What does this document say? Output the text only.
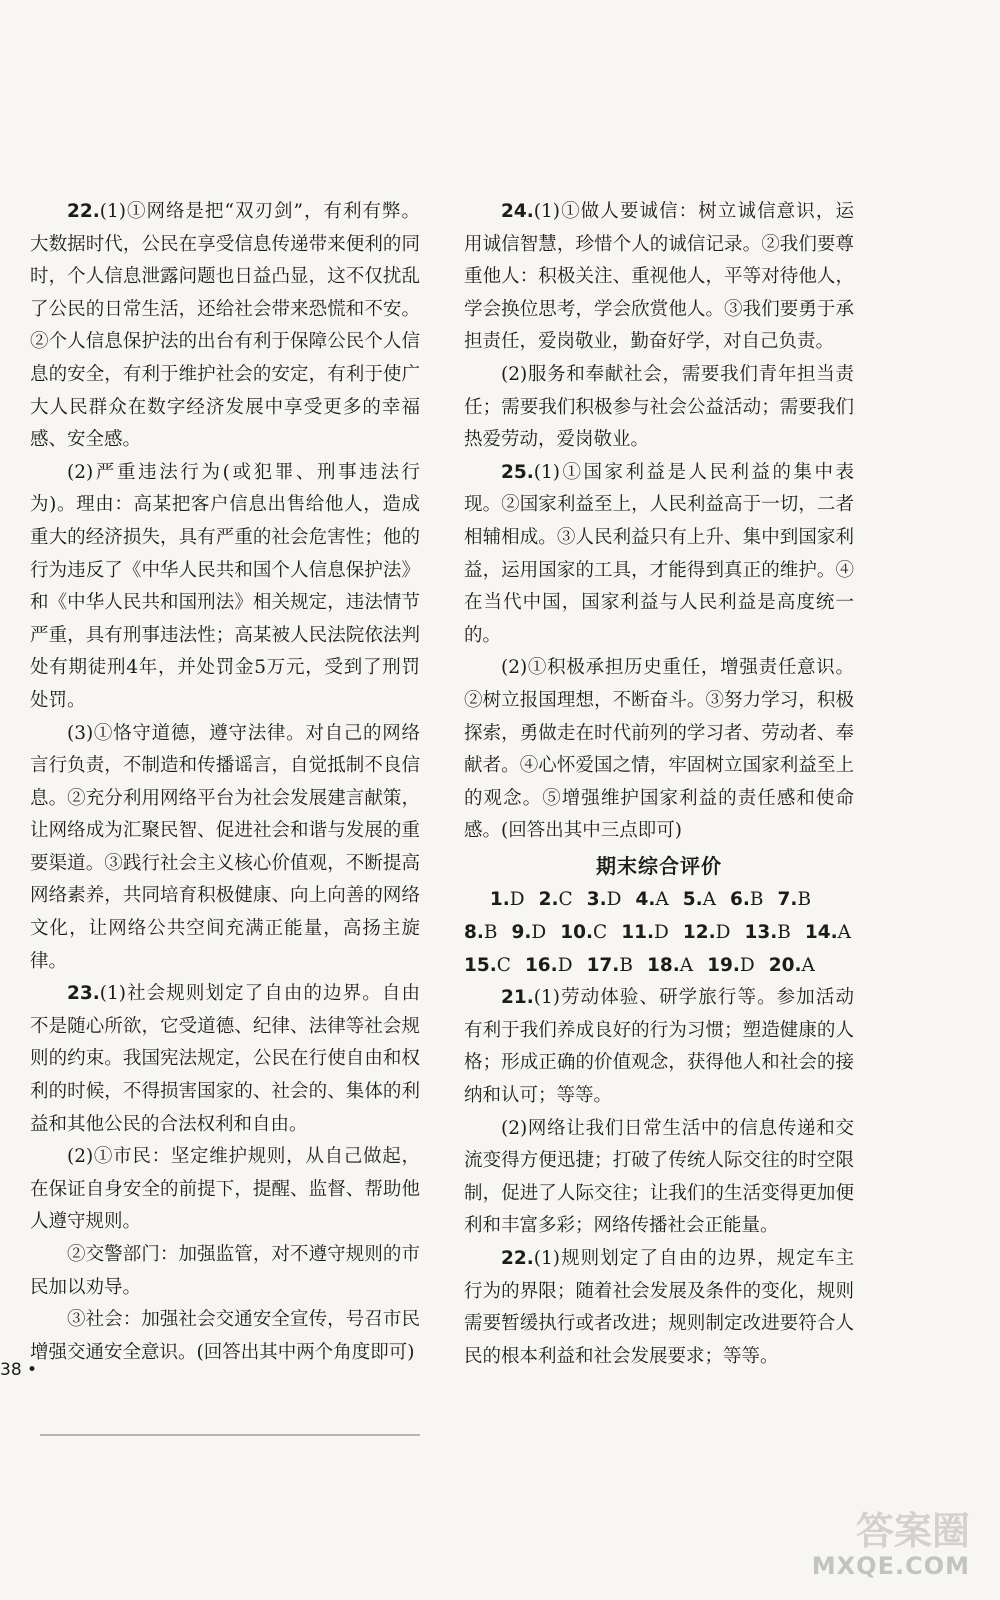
22.(1)①网络是把“双刃剑”，有利有弊。大数据时代，公民在享受信息传递带来便利的同时，个人信息泄露问题也日益凸显，这不仅扰乱了公民的日常生活，还给社会带来恐慌和不安。②个人信息保护法的出台有利于保障公民个人信息的安全，有利于维护社会的安定，有利于使广大人民群众在数字经济发展中享受更多的幸福感、安全感。

(2)严重违法行为(或犯罪、刑事违法行为)。理由：高某把客户信息出售给他人，造成重大的经济损失，具有严重的社会危害性；他的行为违反了《中华人民共和国个人信息保护法》和《中华人民共和国刑法》相关规定，违法情节严重，具有刑事违法性；高某被人民法院依法判处有期徒刑4年，并处罚金5万元，受到了刑罚处罚。

(3)①恪守道德，遵守法律。对自己的网络言行负责，不制造和传播谣言，自觉抵制不良信息。②充分利用网络平台为社会发展建言献策，让网络成为汇聚民智、促进社会和谐与发展的重要渠道。③践行社会主义核心价值观，不断提高网络素养，共同培育积极健康、向上向善的网络文化，让网络公共空间充满正能量，高扬主旋律。

23.(1)社会规则划定了自由的边界。自由不是随心所欲，它受道德、纪律、法律等社会规则的约束。我国宪法规定，公民在行使自由和权利的时候，不得损害国家的、社会的、集体的利益和其他公民的合法权利和自由。

(2)①市民：坚定维护规则，从自己做起，在保证自身安全的前提下，提醒、监督、帮助他人遵守规则。

②交警部门：加强监管，对不遵守规则的市民加以劝导。

③社会：加强社会交通安全宣传，号召市民增强交通安全意识。(回答出其中两个角度即可)

24.(1)①做人要诚信：树立诚信意识，运用诚信智慧，珍惜个人的诚信记录。②我们要尊重他人：积极关注、重视他人，平等对待他人，学会换位思考，学会欣赏他人。③我们要勇于承担责任，爱岗敬业，勤奋好学，对自己负责。

(2)服务和奉献社会，需要我们青年担当责任；需要我们积极参与社会公益活动；需要我们热爱劳动，爱岗敬业。

25.(1)①国家利益是人民利益的集中表现。②国家利益至上，人民利益高于一切，二者相辅相成。③人民利益只有上升、集中到国家利益，运用国家的工具，才能得到真正的维护。④在当代中国，国家利益与人民利益是高度统一的。

(2)①积极承担历史重任，增强责任意识。②树立报国理想，不断奋斗。③努力学习，积极探索，勇做走在时代前列的学习者、劳动者、奉献者。④心怀爱国之情，牢固树立国家利益至上的观念。⑤增强维护国家利益的责任感和使命感。(回答出其中三点即可)

期末综合评价
1.D 2.C 3.D 4.A 5.A 6.B 7.B
8.B 9.D 10.C 11.D 12.D 13.B 14.A
15.C 16.D 17.B 18.A 19.D 20.A

21.(1)劳动体验、研学旅行等。参加活动有利于我们养成良好的行为习惯；塑造健康的人格；形成正确的价值观念，获得他人和社会的接纳和认可；等等。

(2)网络让我们日常生活中的信息传递和交流变得方便迅捷；打破了传统人际交往的时空限制，促进了人际交往；让我们的生活变得更加便利和丰富多彩；网络传播社会正能量。

22.(1)规则划定了自由的边界，规定车主行为的界限；随着社会发展及条件的变化，规则需要暂缓执行或者改进；规则制定改进要符合人民的根本利益和社会发展要求；等等。

38 •
答案圈
MXQE.COM
